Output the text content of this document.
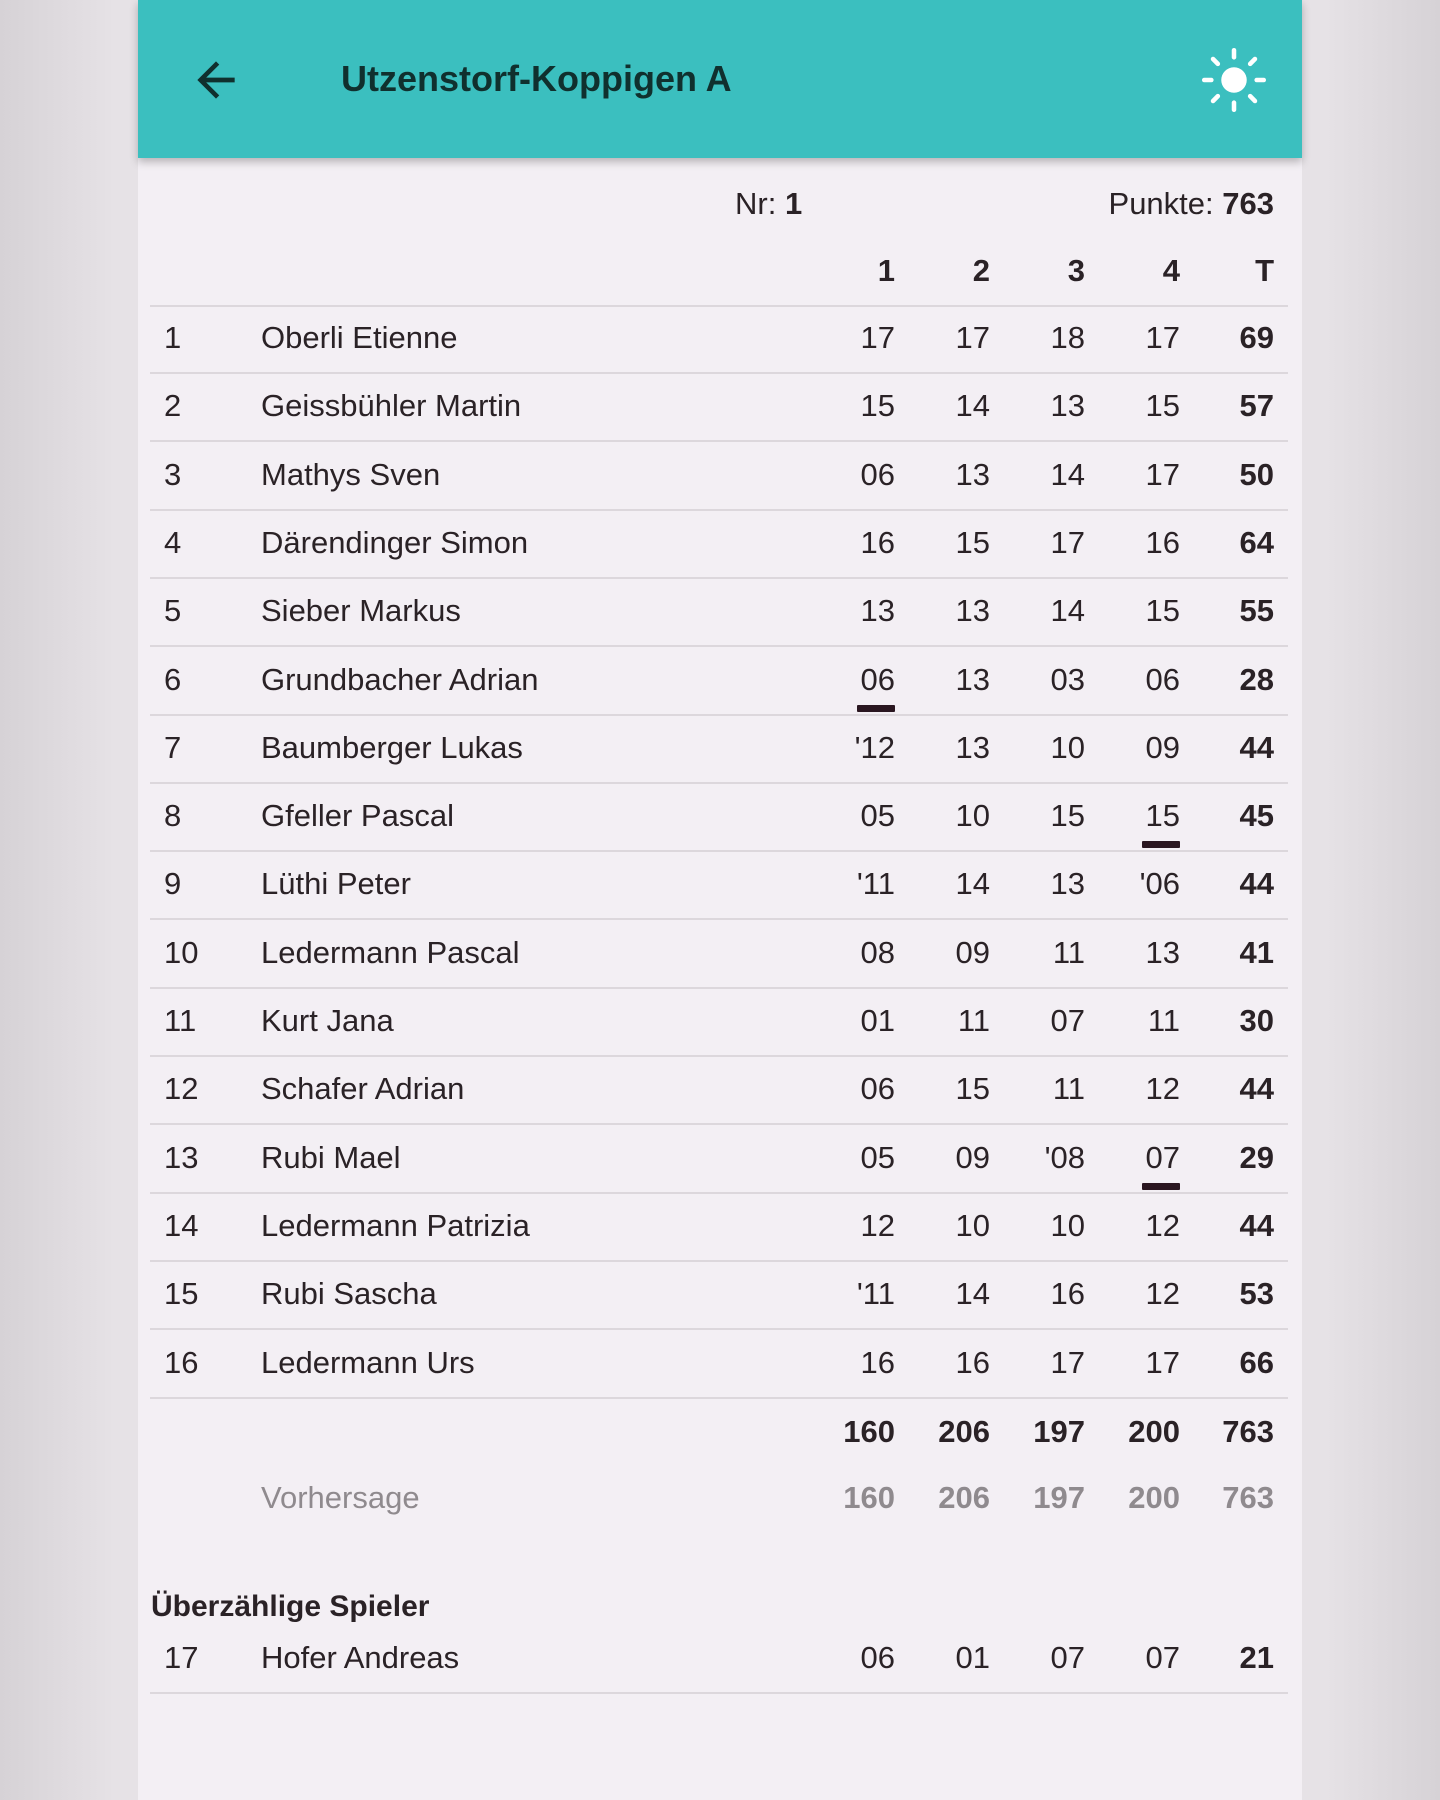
Utzenstorf-Koppigen A
Nr: 1	Punkte: 763
1	2	3	4	T
1	Oberli Etienne	17	17	18	17	69
2	Geissbühler Martin	15	14	13	15	57
3	Mathys Sven	06	13	14	17	50
4	Därendinger Simon	16	15	17	16	64
5	Sieber Markus	13	13	14	15	55
6	Grundbacher Adrian	06	13	03	06	28
7	Baumberger Lukas	'12	13	10	09	44
8	Gfeller Pascal	05	10	15	15	45
9	Lüthi Peter	'11	14	13	'06	44
10 Ledermann Pascal	08	09	11	13	41
11 Kurt Jana	01	11	07	11	30
12 Schafer Adrian	06	15	11	12	44
13 Rubi Mael	05	09	'08	07	29
14 Ledermann Patrizia	12	10	10	12	44
15 Rubi Sascha	'11	14	16	12	53
16 Ledermann Urs	16	16	17	17	66
160	206	197	200	763
Vorhersage	160	206	197	200	763
Überzählige Spieler
17 Hofer Andreas	06	01	07	07	21
